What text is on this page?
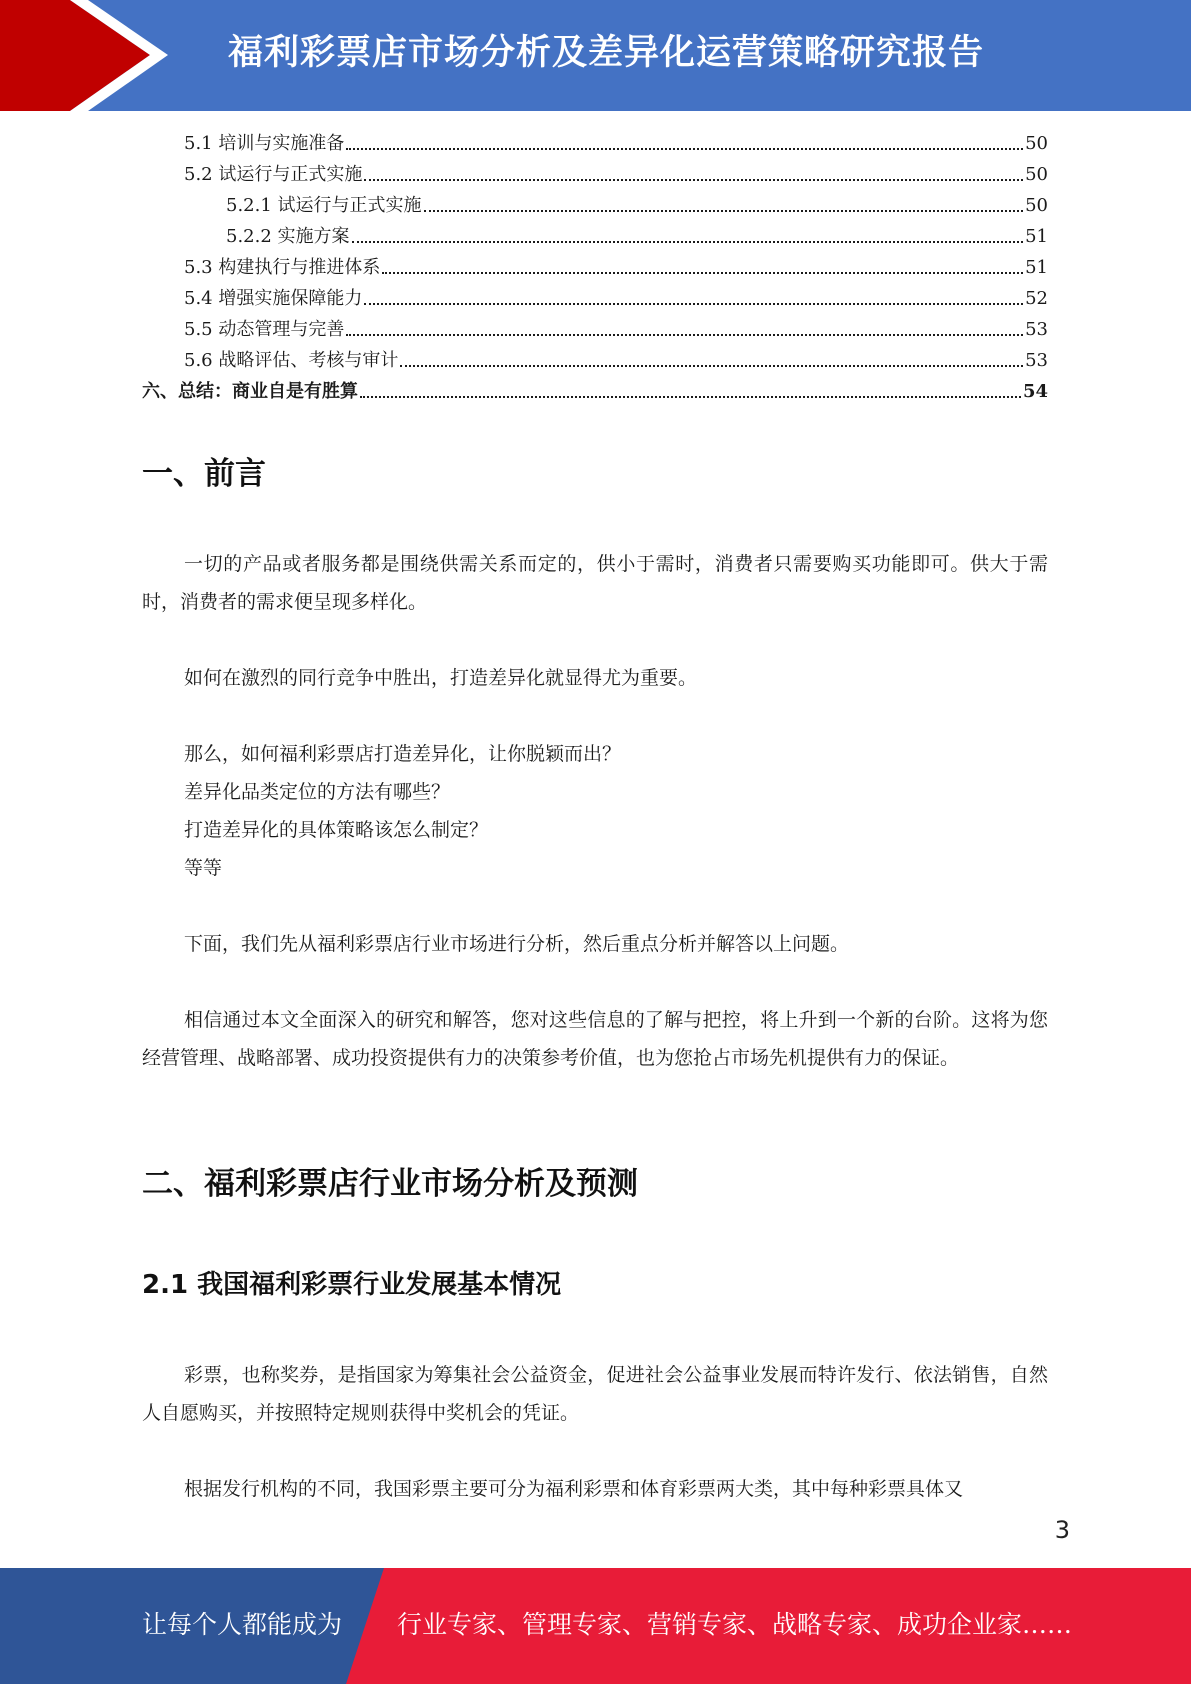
福利彩票店市场分析及差异化运营策略研究报告
5.1 培训与实施准备	50
5.2 试运行与正式实施	50
5.2.1 试运行与正式实施	50
5.2.2 实施方案	51
5.3 构建执行与推进体系	51
5.4 增强实施保障能力	52
5.5 动态管理与完善	53
5.6 战略评估、考核与审计	53
六、总结：商业自是有胜算	54
一、前言

一切的产品或者服务都是围绕供需关系而定的，供小于需时，消费者只需要购买功能即可。供大于需时，消费者的需求便呈现多样化。

如何在激烈的同行竞争中胜出，打造差异化就显得尤为重要。

那么，如何福利彩票店打造差异化，让你脱颖而出？
差异化品类定位的方法有哪些？
打造差异化的具体策略该怎么制定？
等等

下面，我们先从福利彩票店行业市场进行分析，然后重点分析并解答以上问题。

相信通过本文全面深入的研究和解答，您对这些信息的了解与把控，将上升到一个新的台阶。这将为您经营管理、战略部署、成功投资提供有力的决策参考价值，也为您抢占市场先机提供有力的保证。

二、福利彩票店行业市场分析及预测
2.1 我国福利彩票行业发展基本情况

彩票，也称奖券，是指国家为筹集社会公益资金，促进社会公益事业发展而特许发行、依法销售，自然人自愿购买，并按照特定规则获得中奖机会的凭证。

根据发行机构的不同，我国彩票主要可分为福利彩票和体育彩票两大类，其中每种彩票具体又

3
让每个人都能成为 行业专家、管理专家、营销专家、战略专家、成功企业家……
